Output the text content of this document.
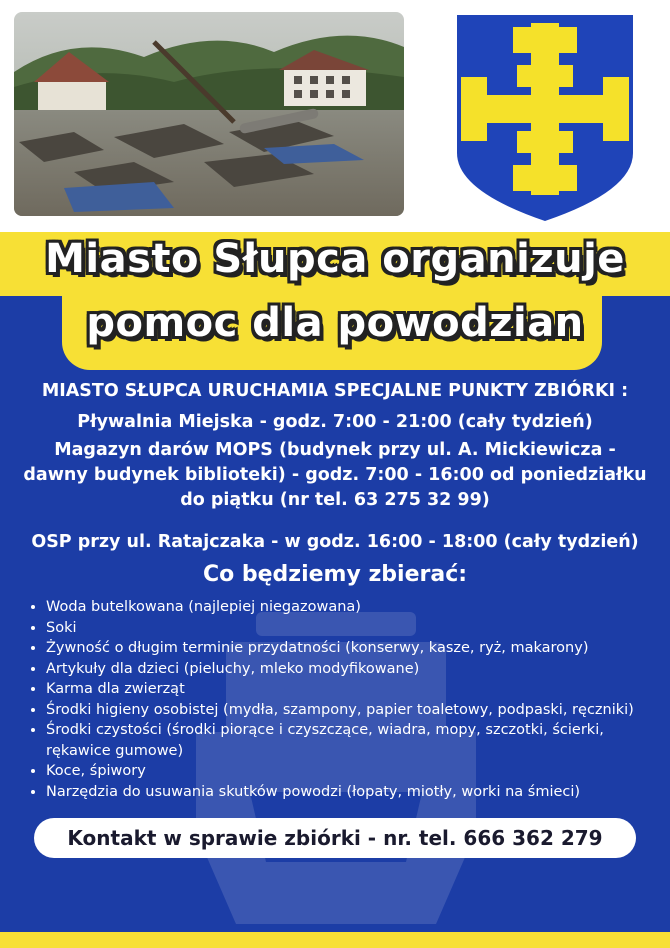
Miasto Słupca organizuje
pomoc dla powodzian
MIASTO SŁUPCA URUCHAMIA SPECJALNE PUNKTY ZBIÓRKI :
Pływalnia Miejska - godz. 7:00 - 21:00 (cały tydzień)
Magazyn darów MOPS (budynek przy ul. A. Mickiewicza -
dawny budynek biblioteki) - godz. 7:00 - 16:00 od poniedziałku
do piątku (nr tel. 63 275 32 99)
OSP przy ul. Ratajczaka - w godz. 16:00 - 18:00 (cały tydzień)
Co będziemy zbierać:
• Woda butelkowana (najlepiej niegazowana)
• Soki
• Żywność o długim terminie przydatności (konserwy, kasze, ryż, makarony)
• Artykuły dla dzieci (pieluchy, mleko modyfikowane)
• Karma dla zwierząt
• Środki higieny osobistej (mydła, szampony, papier toaletowy, podpaski, ręczniki)
• Środki czystości (środki piorące i czyszczące, wiadra, mopy, szczotki, ścierki, rękawice gumowe)
• Koce, śpiwory
• Narzędzia do usuwania skutków powodzi (łopaty, miotły, worki na śmieci)
Kontakt w sprawie zbiórki - nr. tel. 666 362 279
